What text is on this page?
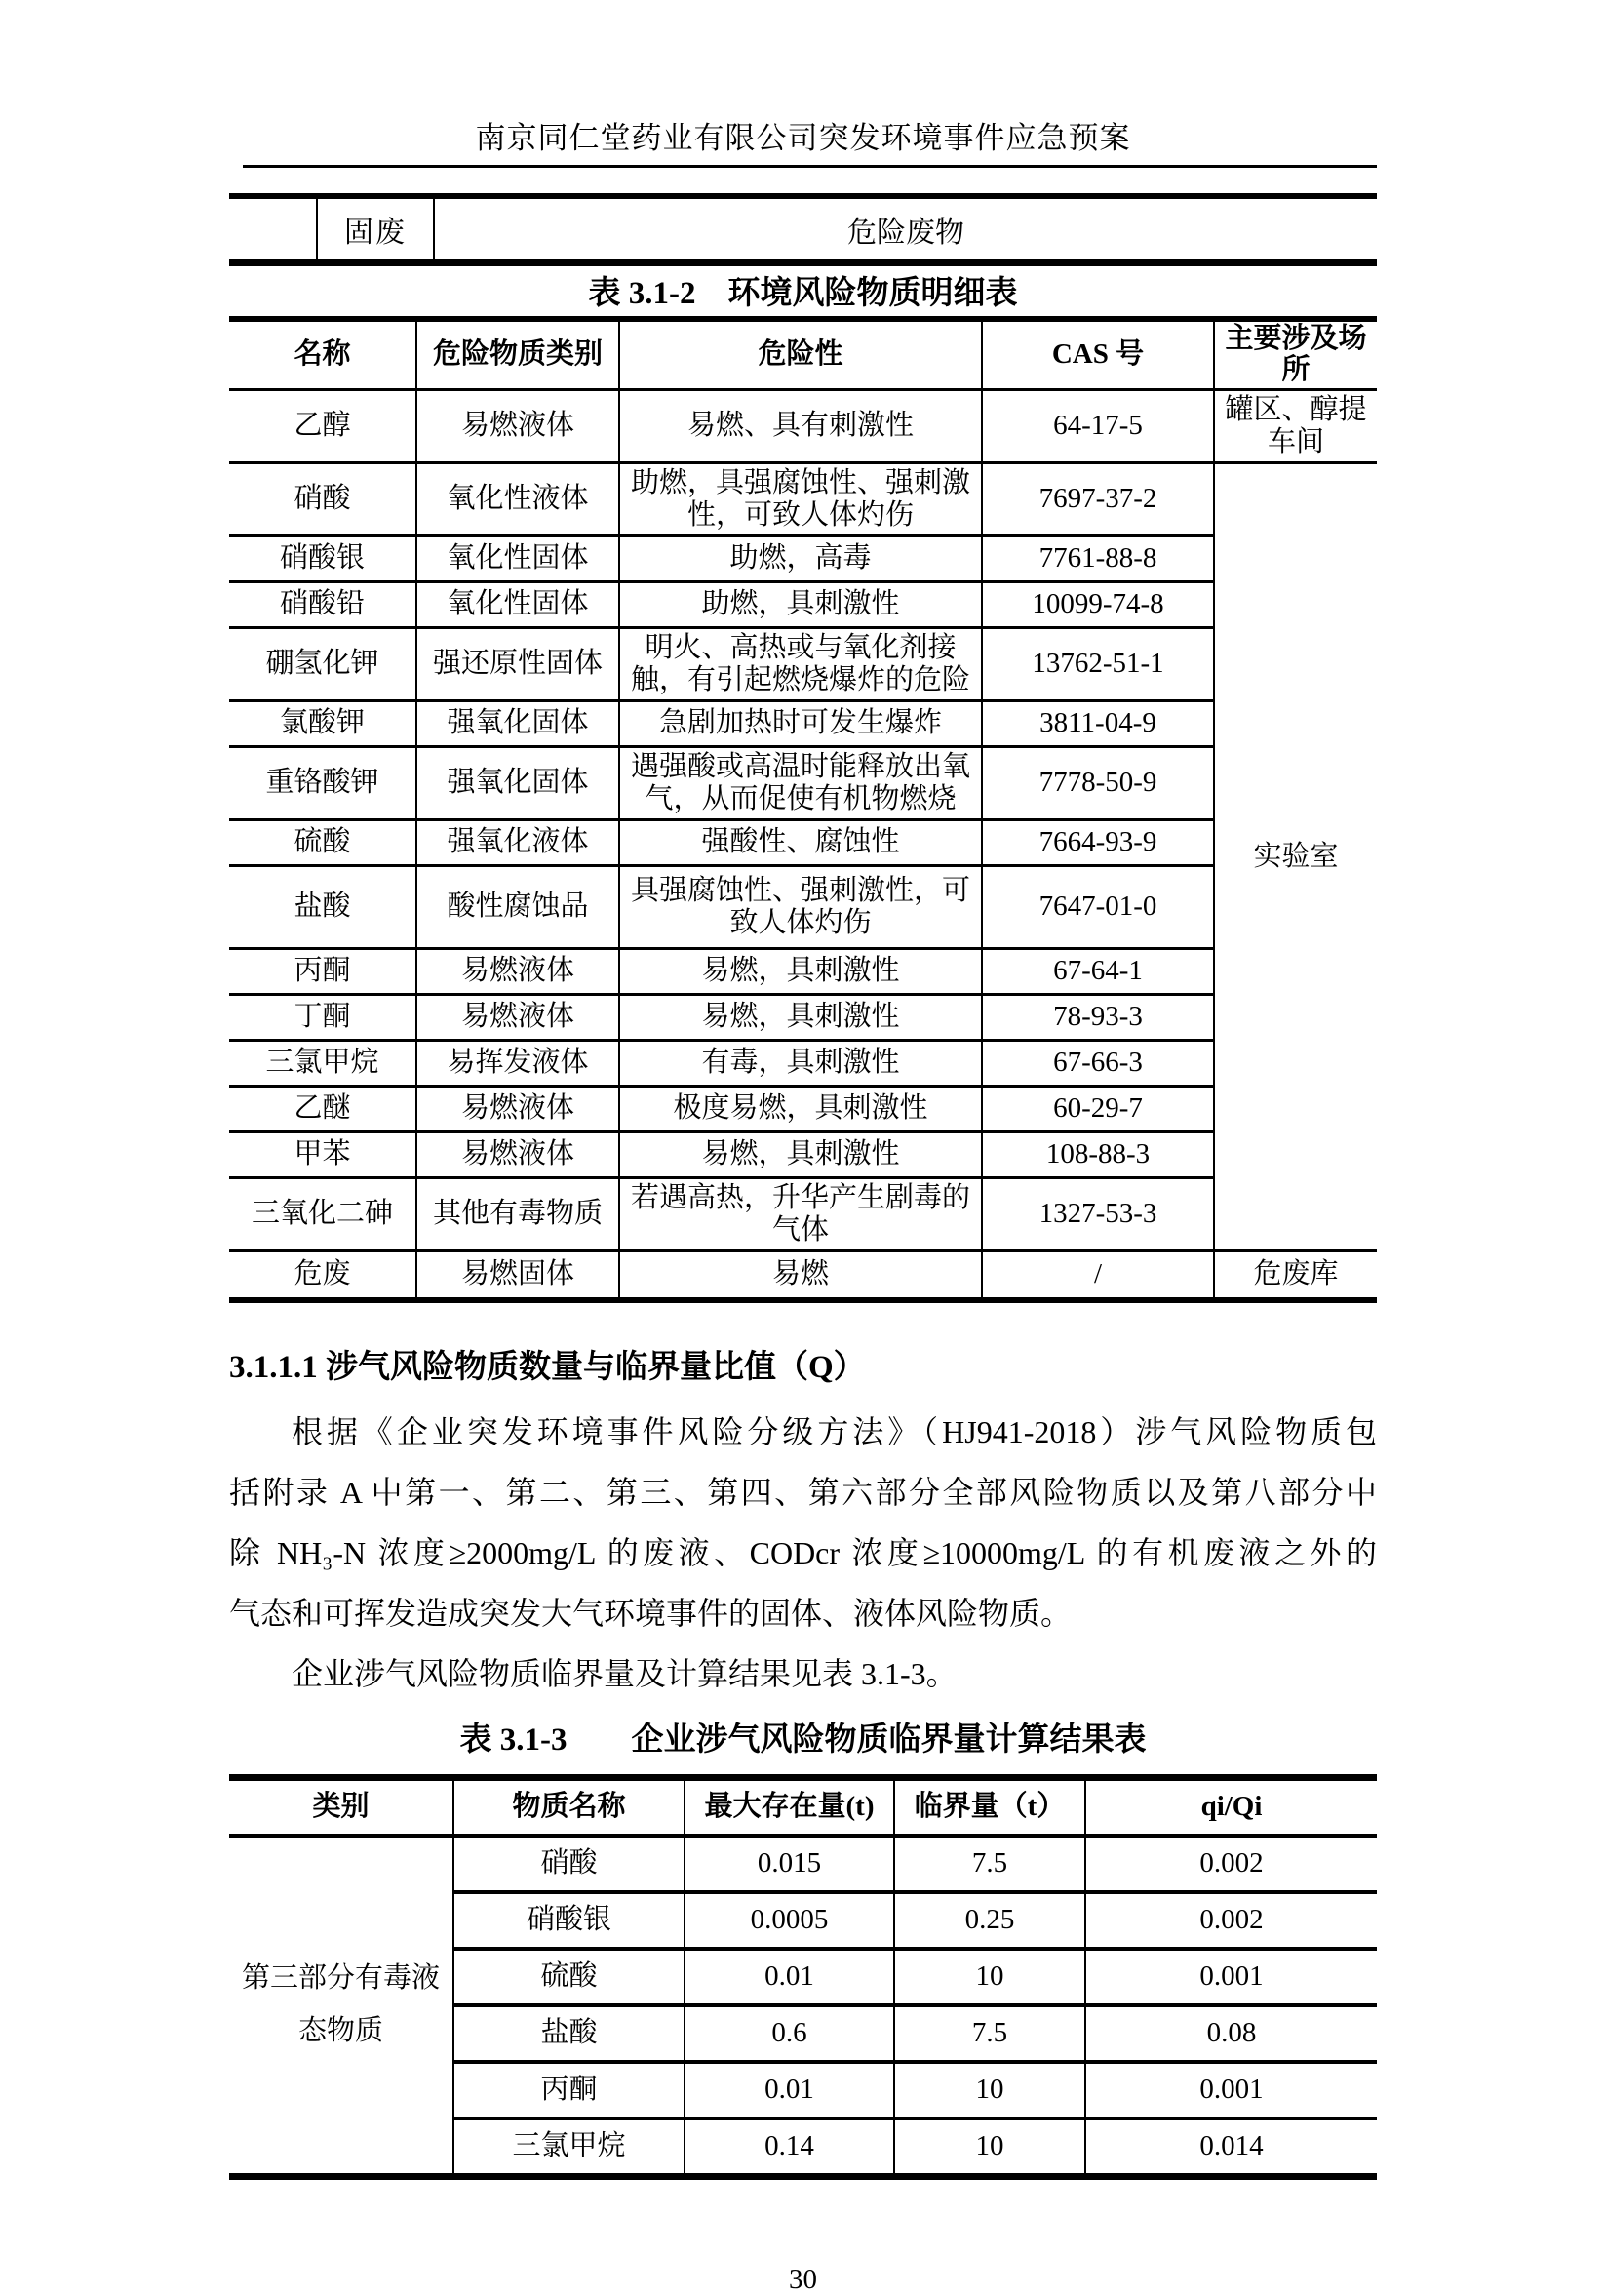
南京同仁堂药业有限公司突发环境事件应急预案
	固废	危险废物
表 3.1-2　环境风险物质明细表
名称	危险物质类别	危险性	CAS 号	主要涉及场所
乙醇	易燃液体	易燃、具有刺激性	64-17-5	罐区、醇提车间
硝酸	氧化性液体	助燃，具强腐蚀性、强刺激性，可致人体灼伤	7697-37-2	实验室
硝酸银	氧化性固体	助燃，高毒	7761-88-8	
硝酸铅	氧化性固体	助燃，具刺激性	10099-74-8	
硼氢化钾	强还原性固体	明火、高热或与氧化剂接触，有引起燃烧爆炸的危险	13762-51-1	
氯酸钾	强氧化固体	急剧加热时可发生爆炸	3811-04-9	
重铬酸钾	强氧化固体	遇强酸或高温时能释放出氧气，从而促使有机物燃烧	7778-50-9	
硫酸	强氧化液体	强酸性、腐蚀性	7664-93-9	
盐酸	酸性腐蚀品	具强腐蚀性、强刺激性，可致人体灼伤	7647-01-0	
丙酮	易燃液体	易燃，具刺激性	67-64-1	
丁酮	易燃液体	易燃，具刺激性	78-93-3	
三氯甲烷	易挥发液体	有毒，具刺激性	67-66-3	
乙醚	易燃液体	极度易燃，具刺激性	60-29-7	
甲苯	易燃液体	易燃，具刺激性	108-88-3	
三氧化二砷	其他有毒物质	若遇高热，升华产生剧毒的气体	1327-53-3	
危废	易燃固体	易燃	/	危废库
3.1.1.1 涉气风险物质数量与临界量比值（Q）
根据《企业突发环境事件风险分级方法》（HJ941-2018）涉气风险物质包
括附录 A 中第一、第二、第三、第四、第六部分全部风险物质以及第八部分中
除 NH₃-N 浓度≥2000mg/L 的废液、CODcr 浓度≥10000mg/L 的有机废液之外的
气态和可挥发造成突发大气环境事件的固体、液体风险物质。
企业涉气风险物质临界量及计算结果见表 3.1-3。
表 3.1-3　　企业涉气风险物质临界量计算结果表
类别	物质名称	最大存在量(t)	临界量（t）	qi/Qi
第三部分有毒液态物质	硝酸	0.015	7.5	0.002
	硝酸银	0.0005	0.25	0.002
	硫酸	0.01	10	0.001
	盐酸	0.6	7.5	0.08
	丙酮	0.01	10	0.001
	三氯甲烷	0.14	10	0.014
30
